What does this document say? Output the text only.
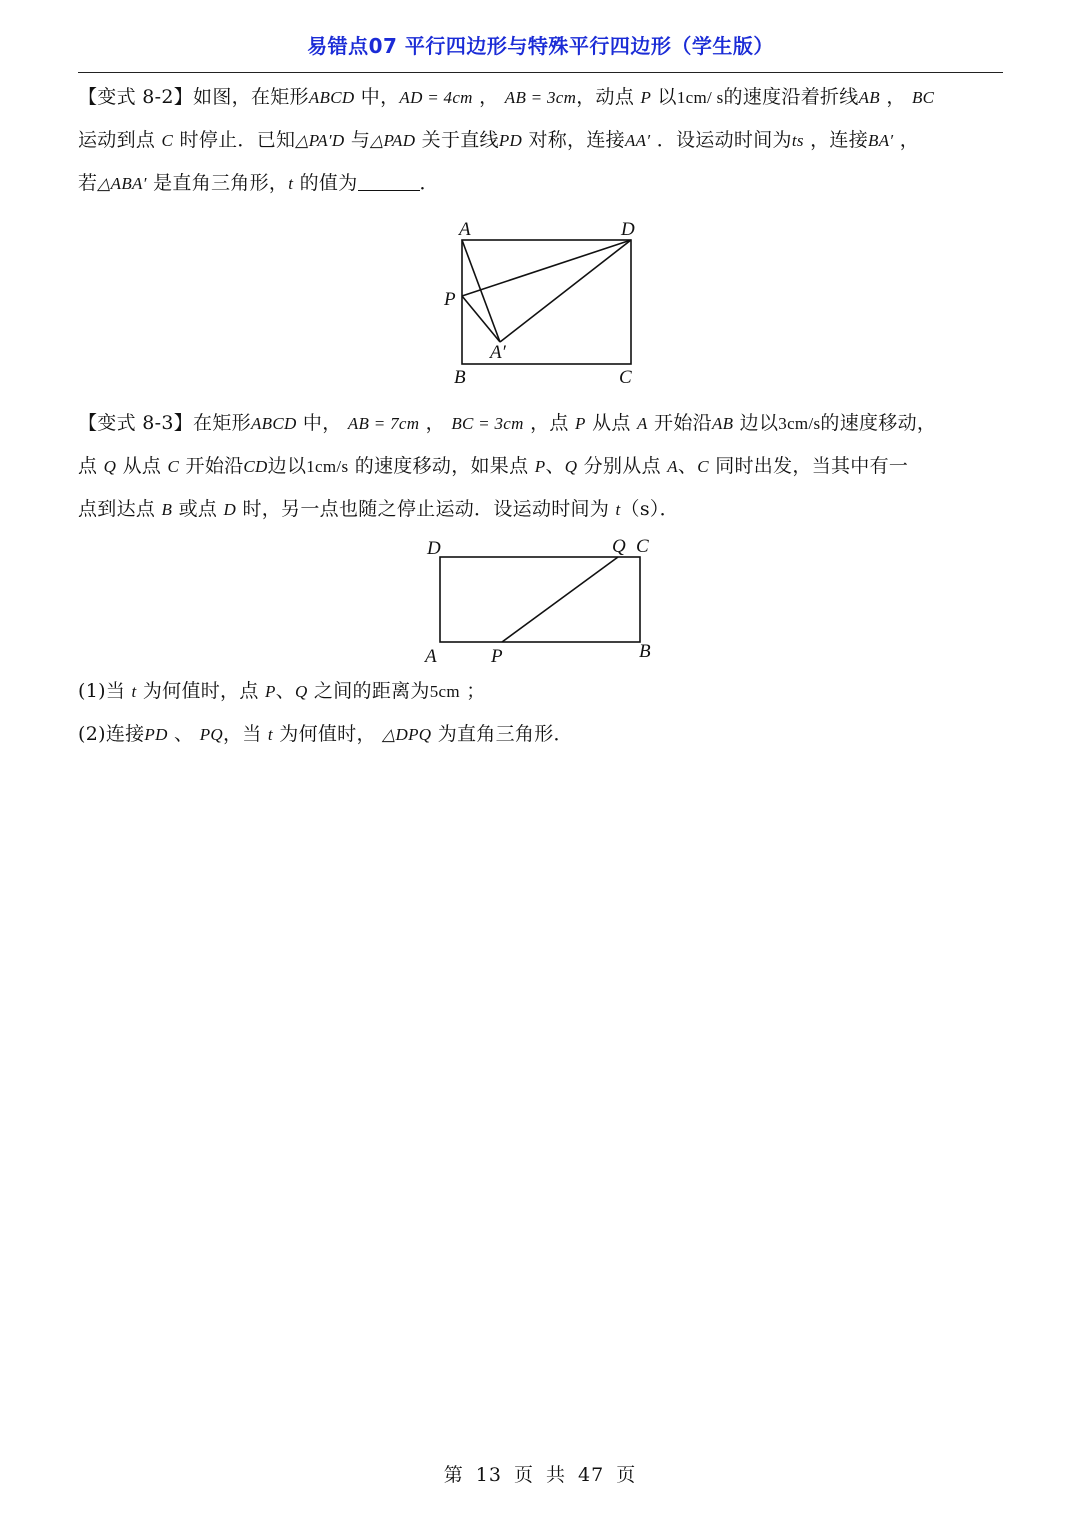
易错点07 平行四边形与特殊平行四边形（学生版）

【变式 8-2】如图，在矩形ABCD 中，AD = 4cm ， AB = 3cm，动点 P 以1cm/ s的速度沿着折线AB ， BC

运动到点 C 时停止．已知△PA′D 与△PAD 关于直线PD 对称，连接AA′ ．设运动时间为ts ，连接BA′ ，

若△ABA′ 是直角三角形，t 的值为	．

A	D
P
A′
B	C

【变式 8-3】在矩形ABCD 中， AB = 7cm ， BC = 3cm ，点 P 从点 A 开始沿AB 边以3cm/s的速度移动，

点 Q 从点 C 开始沿CD边以1cm/s 的速度移动，如果点 P、Q 分别从点 A、C 同时出发，当其中有一

点到达点 B 或点 D 时，另一点也随之停止运动．设运动时间为 t（s）．

D	Q C
A	P	B

(1)当 t 为何值时，点 P、Q 之间的距离为5cm ；

(2)连接PD 、 PQ，当 t 为何值时， △DPQ 为直角三角形．

第 13 页 共 47 页
